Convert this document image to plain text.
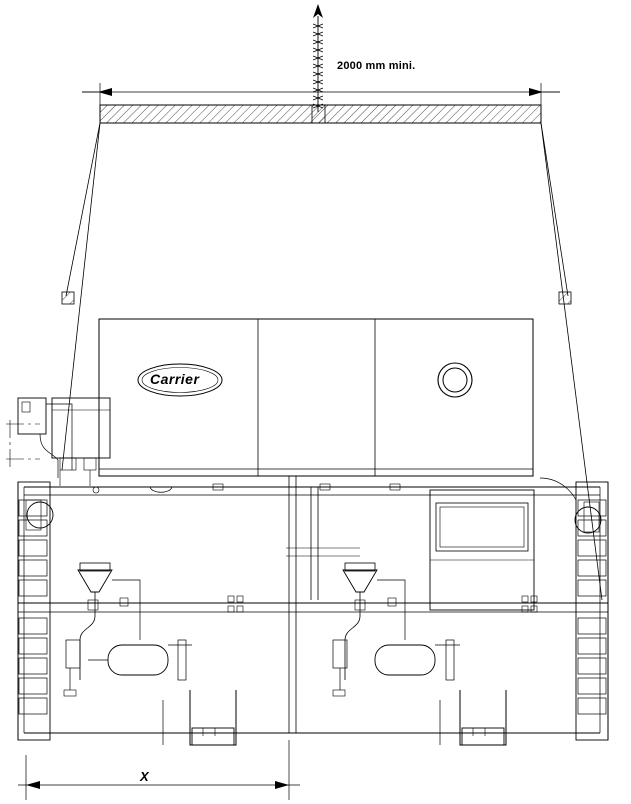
2000 mm mini.
X
Carrier
